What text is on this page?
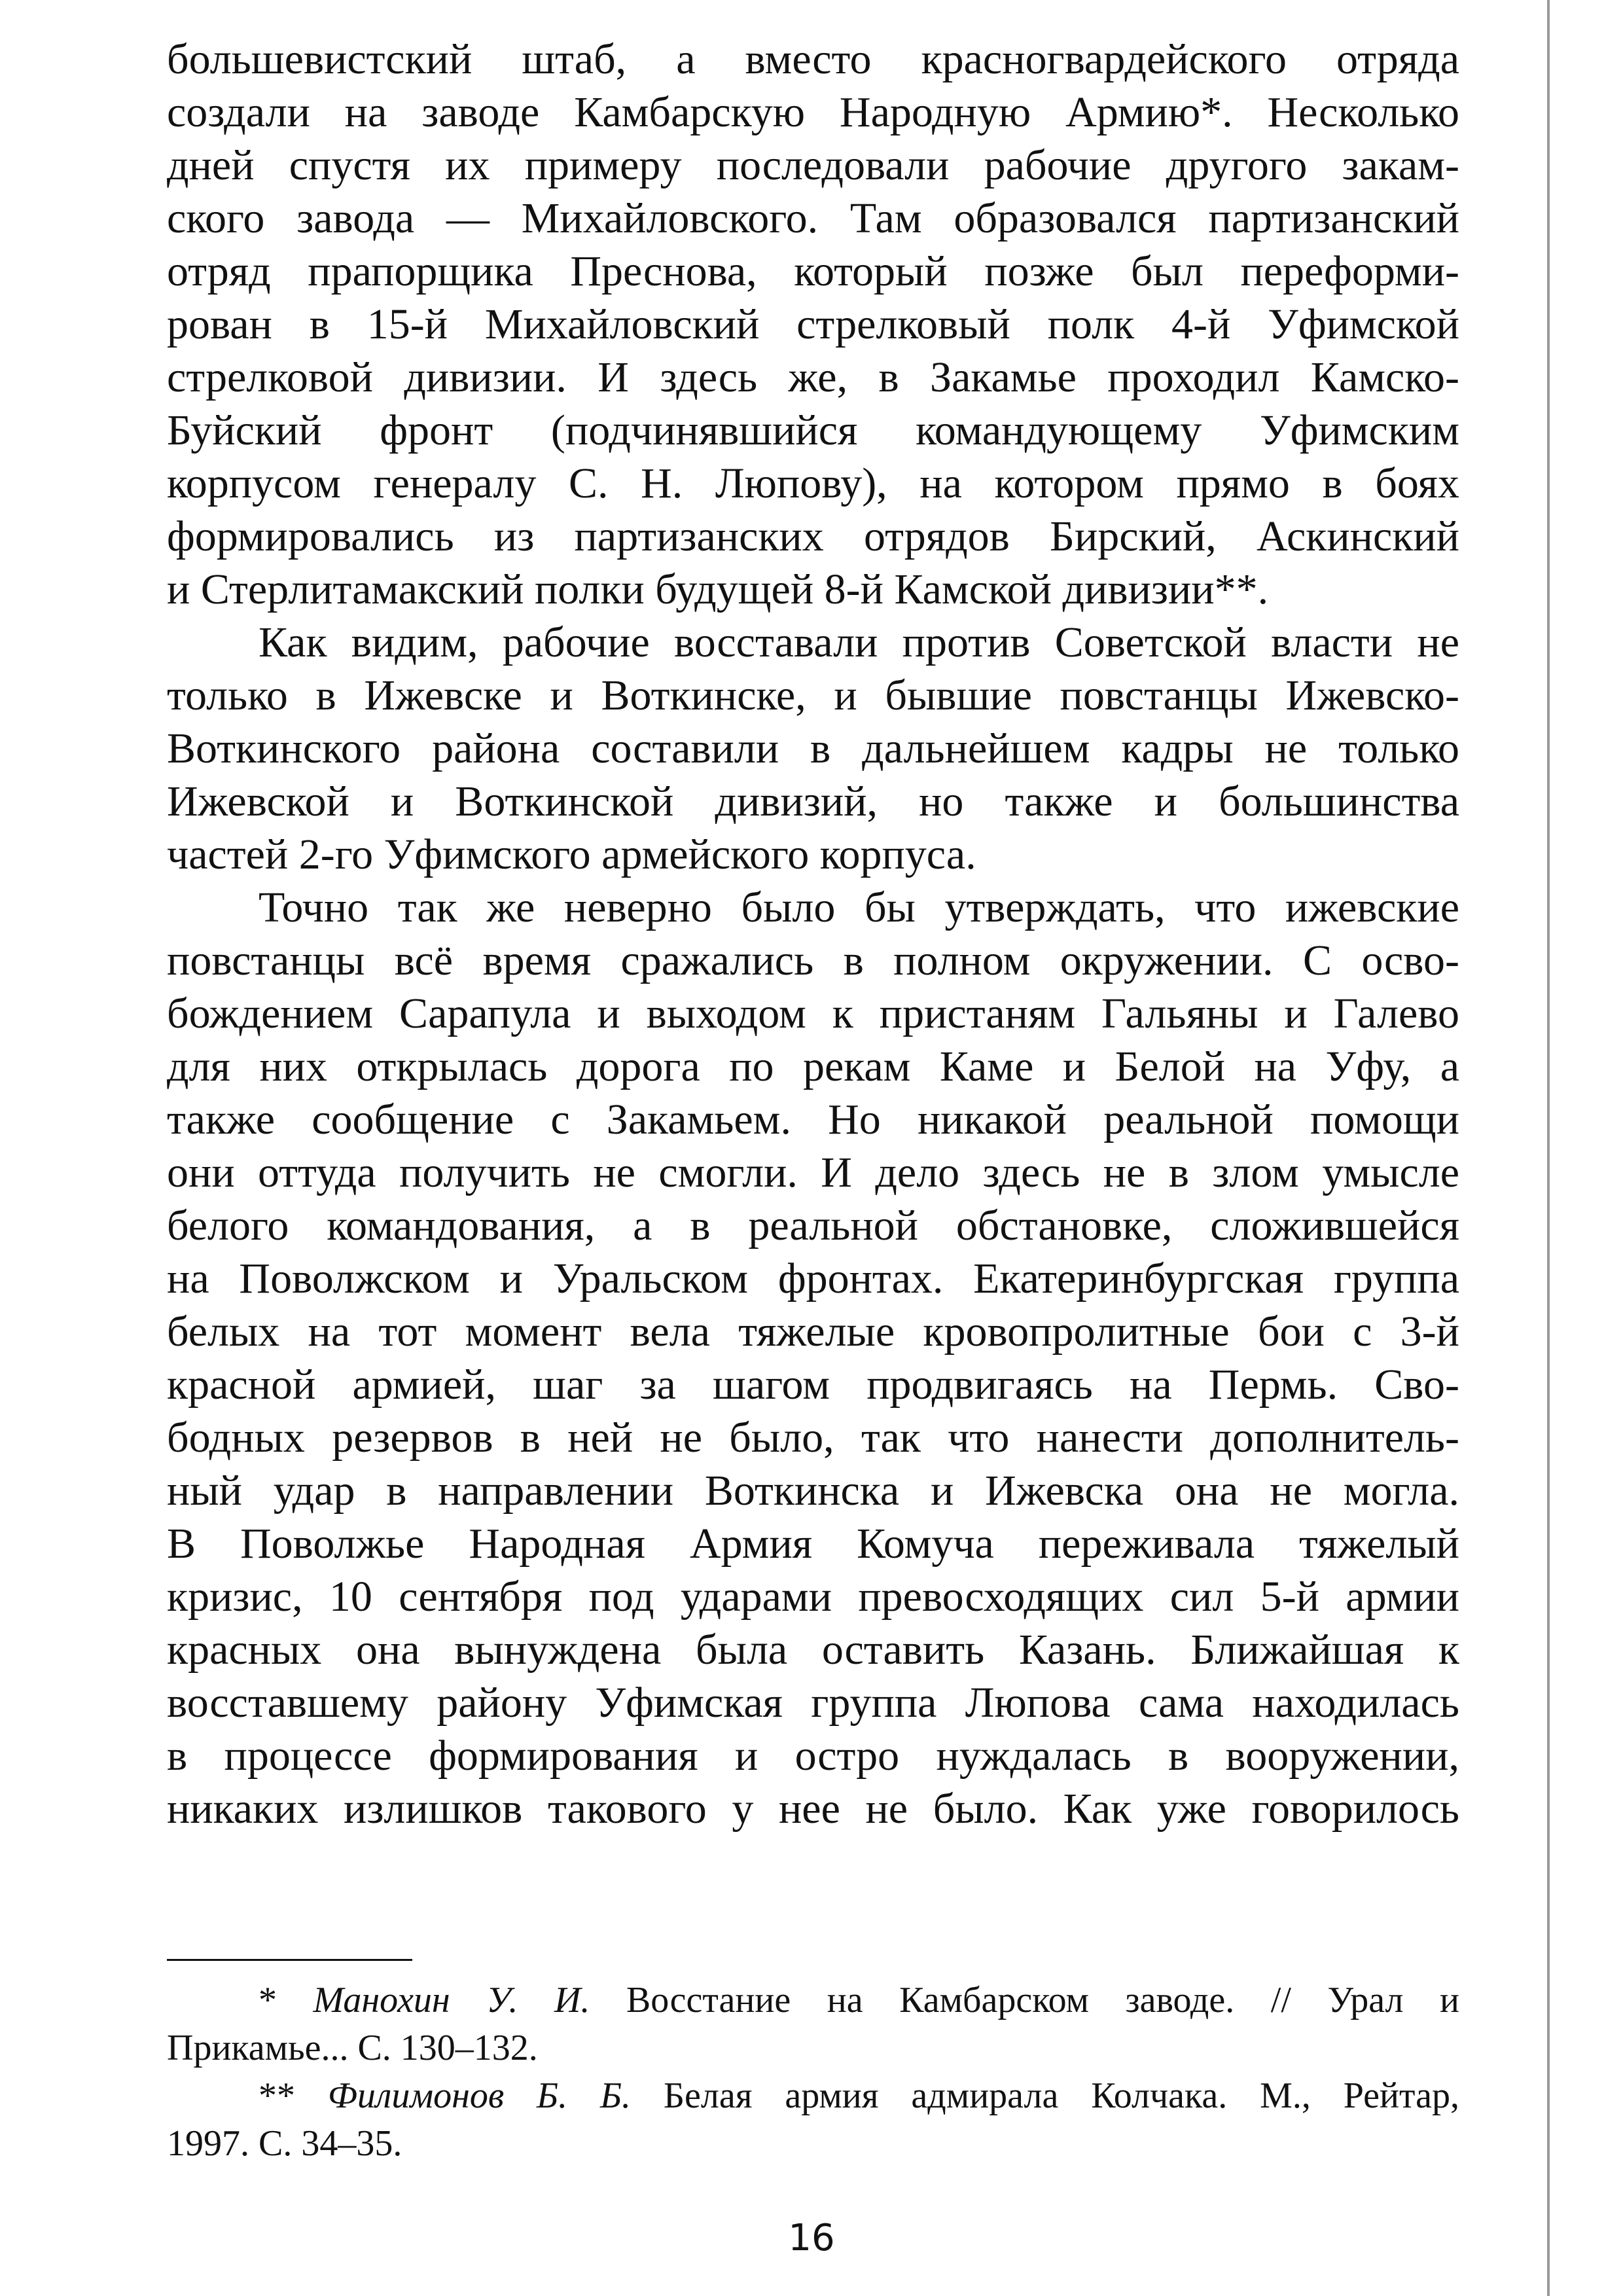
большевистский штаб, а вместо красногвардейского отряда
создали на заводе Камбарскую Народную Армию*. Несколько
дней спустя их примеру последовали рабочие другого закам-
ского завода — Михайловского. Там образовался партизанский
отряд прапорщика Преснова, который позже был переформи-
рован в 15-й Михайловский стрелковый полк 4-й Уфимской
стрелковой дивизии. И здесь же, в Закамье проходил Камско-
Буйский фронт (подчинявшийся командующему Уфимским
корпусом генералу С. Н. Люпову), на котором прямо в боях
формировались из партизанских отрядов Бирский, Аскинский
и Стерлитамакский полки будущей 8-й Камской дивизии**.

Как видим, рабочие восставали против Советской власти не
только в Ижевске и Воткинске, и бывшие повстанцы Ижевско-
Воткинского района составили в дальнейшем кадры не только
Ижевской и Воткинской дивизий, но также и большинства
частей 2-го Уфимского армейского корпуса.

Точно так же неверно было бы утверждать, что ижевские
повстанцы всё время сражались в полном окружении. С осво-
бождением Сарапула и выходом к пристаням Гальяны и Галево
для них открылась дорога по рекам Каме и Белой на Уфу, а
также сообщение с Закамьем. Но никакой реальной помощи
они оттуда получить не смогли. И дело здесь не в злом умысле
белого командования, а в реальной обстановке, сложившейся
на Поволжском и Уральском фронтах. Екатеринбургская группа
белых на тот момент вела тяжелые кровопролитные бои с 3-й
красной армией, шаг за шагом продвигаясь на Пермь. Сво-
бодных резервов в ней не было, так что нанести дополнитель-
ный удар в направлении Воткинска и Ижевска она не могла.
В Поволжье Народная Армия Комуча переживала тяжелый
кризис, 10 сентября под ударами превосходящих сил 5-й армии
красных она вынуждена была оставить Казань. Ближайшая к
восставшему району Уфимская группа Люпова сама находилась
в процессе формирования и остро нуждалась в вооружении,
никаких излишков такового у нее не было. Как уже говорилось

* Манохин У. И. Восстание на Камбарском заводе. // Урал и
Прикамье... С. 130–132.

** Филимонов Б. Б. Белая армия адмирала Колчака. М., Рейтар,
1997. С. 34–35.

16
